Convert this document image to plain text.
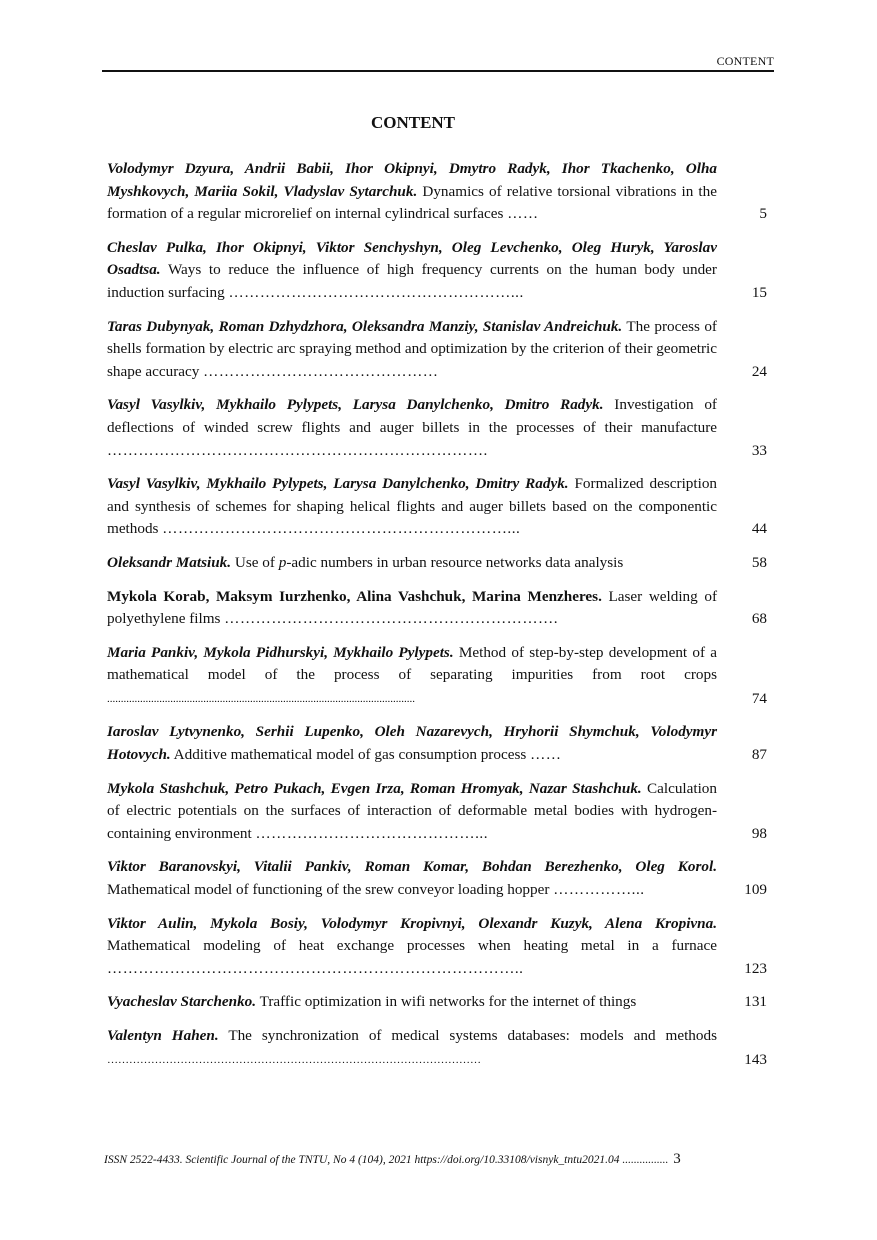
CONTENT
CONTENT
Volodymyr Dzyura, Andrii Babii, Ihor Okipnyi, Dmytro Radyk, Ihor Tkachenko, Olha Myshkovych, Mariia Sokil, Vladyslav Sytarchuk. Dynamics of relative torsional vibrations in the formation of a regular microrelief on internal cylindrical surfaces ……	5
Cheslav Pulka, Ihor Okipnyi, Viktor Senchyshyn, Oleg Levchenko, Oleg Huryk, Yaroslav Osadtsa. Ways to reduce the influence of high frequency currents on the human body under induction surfacing ………………………………………………...	15
Taras Dubynyak, Roman Dzhydzhora, Oleksandra Manziy, Stanislav Andreichuk. The process of shells formation by electric arc spraying method and optimization by the criterion of their geometric shape accuracy ………………………………………	24
Vasyl Vasylkiv, Mykhailo Pylypets, Larysa Danylchenko, Dmitro Radyk. Investigation of deflections of winded screw flights and auger billets in the processes of their manufacture ……………………………………………………………….	33
Vasyl Vasylkiv, Mykhailo Pylypets, Larysa Danylchenko, Dmitry Radyk. Formalized description and synthesis of schemes for shaping helical flights and auger billets based on the componentic methods …………………………………………………………...	44
Oleksandr Matsiuk. Use of p-adic numbers in urban resource networks data analysis	58
Mykola Korab, Maksym Iurzhenko, Alina Vashchuk, Marina Menzheres. Laser welding of polyethylene films ……………………………………………………….	68
Maria Pankiv, Mykola Pidhurskyi, Mykhailo Pylypets. Method of step-by-step development of a mathematical model of the process of separating impurities from root crops ................................................................................................................	74
Iaroslav Lytvynenko, Serhii Lupenko, Oleh Nazarevych, Hryhorii Shymchuk, Volodymyr Hotovych. Additive mathematical model of gas consumption process ……	87
Mykola Stashchuk, Petro Pukach, Evgen Irza, Roman Hromyak, Nazar Stashchuk. Calculation of electric potentials on the surfaces of interaction of deformable metal bodies with hydrogen-containing environment ……………………………………...	98
Viktor Baranovskyi, Vitalii Pankiv, Roman Komar, Bohdan Berezhenko, Oleg Korol. Mathematical model of functioning of the srew conveyor loading hopper ……………...	109
Viktor Aulin, Mykola Bosiy, Volodymyr Kropivnyi, Olexandr Kuzyk, Alena Kropivna. Mathematical modeling of heat exchange processes when heating metal in a furnace ……………………………………………………………………..	123
Vyacheslav Starchenko. Traffic optimization in wifi networks for the internet of things	131
Valentyn Hahen. The synchronization of medical systems databases: models and methods …………………………………………………………………………………………	143
ISSN 2522-4433. Scientific Journal of the TNTU, No 4 (104), 2021 https://doi.org/10.33108/visnyk_tntu2021.04 ................ 3
